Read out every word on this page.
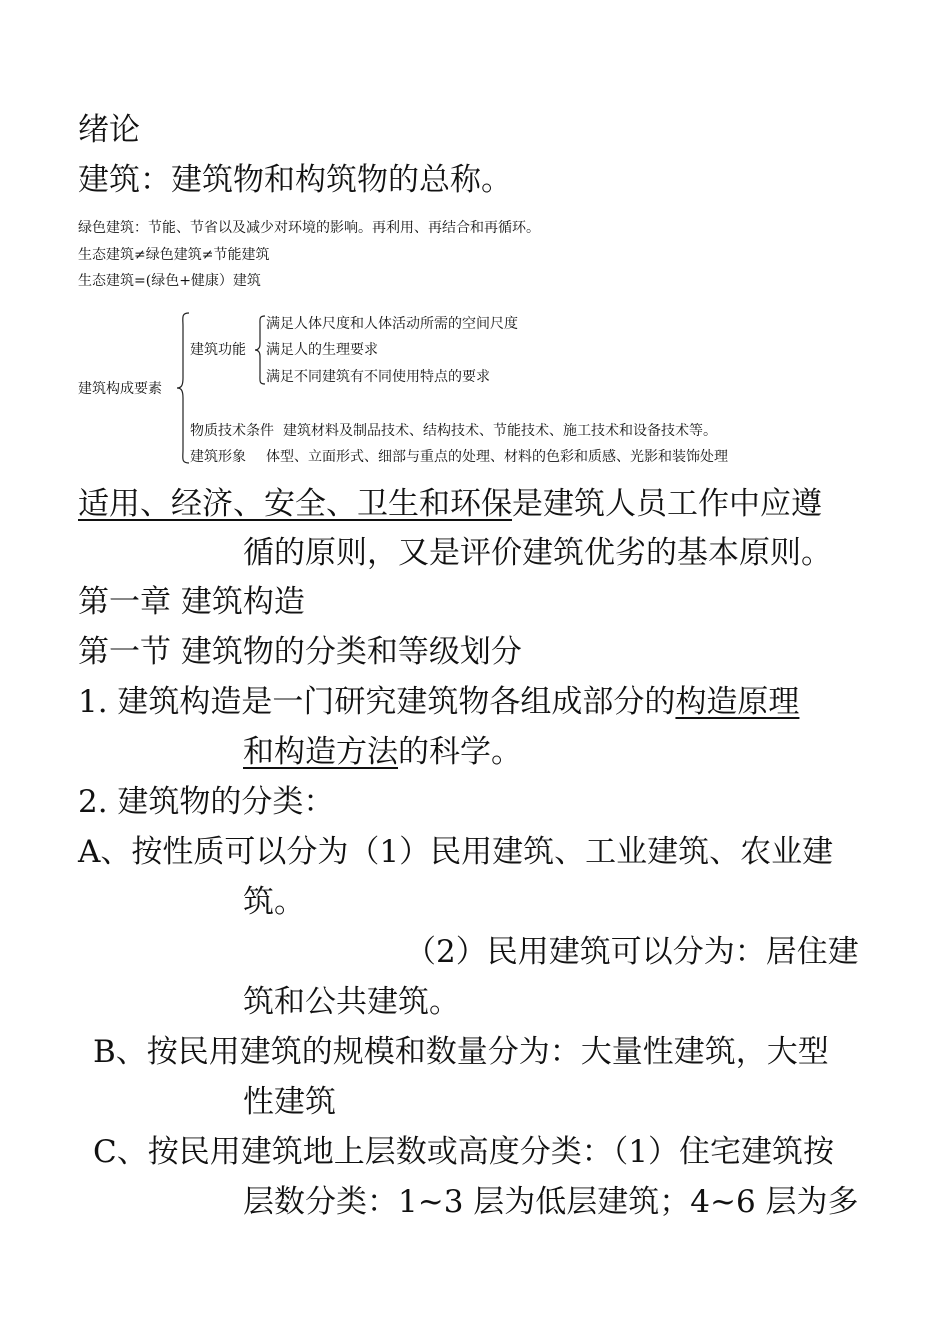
绪论
建筑：建筑物和构筑物的总称。
绿色建筑：节能、节省以及减少对环境的影响。再利用、再结合和再循环。
生态建筑≠绿色建筑≠节能建筑
生态建筑=(绿色+健康）建筑
建筑构成要素
建筑功能
满足人体尺度和人体活动所需的空间尺度
满足人的生理要求
满足不同建筑有不同使用特点的要求
物质技术条件 建筑材料及制品技术、结构技术、节能技术、施工技术和设备技术等。
建筑形象 体型、立面形式、细部与重点的处理、材料的色彩和质感、光影和装饰处理
适用、经济、安全、卫生和环保是建筑人员工作中应遵
循的原则，又是评价建筑优劣的基本原则。
第一章 建筑构造
第一节 建筑物的分类和等级划分
1. 建筑构造是一门研究建筑物各组成部分的构造原理
和构造方法的科学。
2. 建筑物的分类：
A、按性质可以分为（1）民用建筑、工业建筑、农业建
筑。
（2）民用建筑可以分为：居住建
筑和公共建筑。
B、按民用建筑的规模和数量分为：大量性建筑，大型
性建筑
C、按民用建筑地上层数或高度分类：（1）住宅建筑按
层数分类：1~3 层为低层建筑；4~6 层为多
